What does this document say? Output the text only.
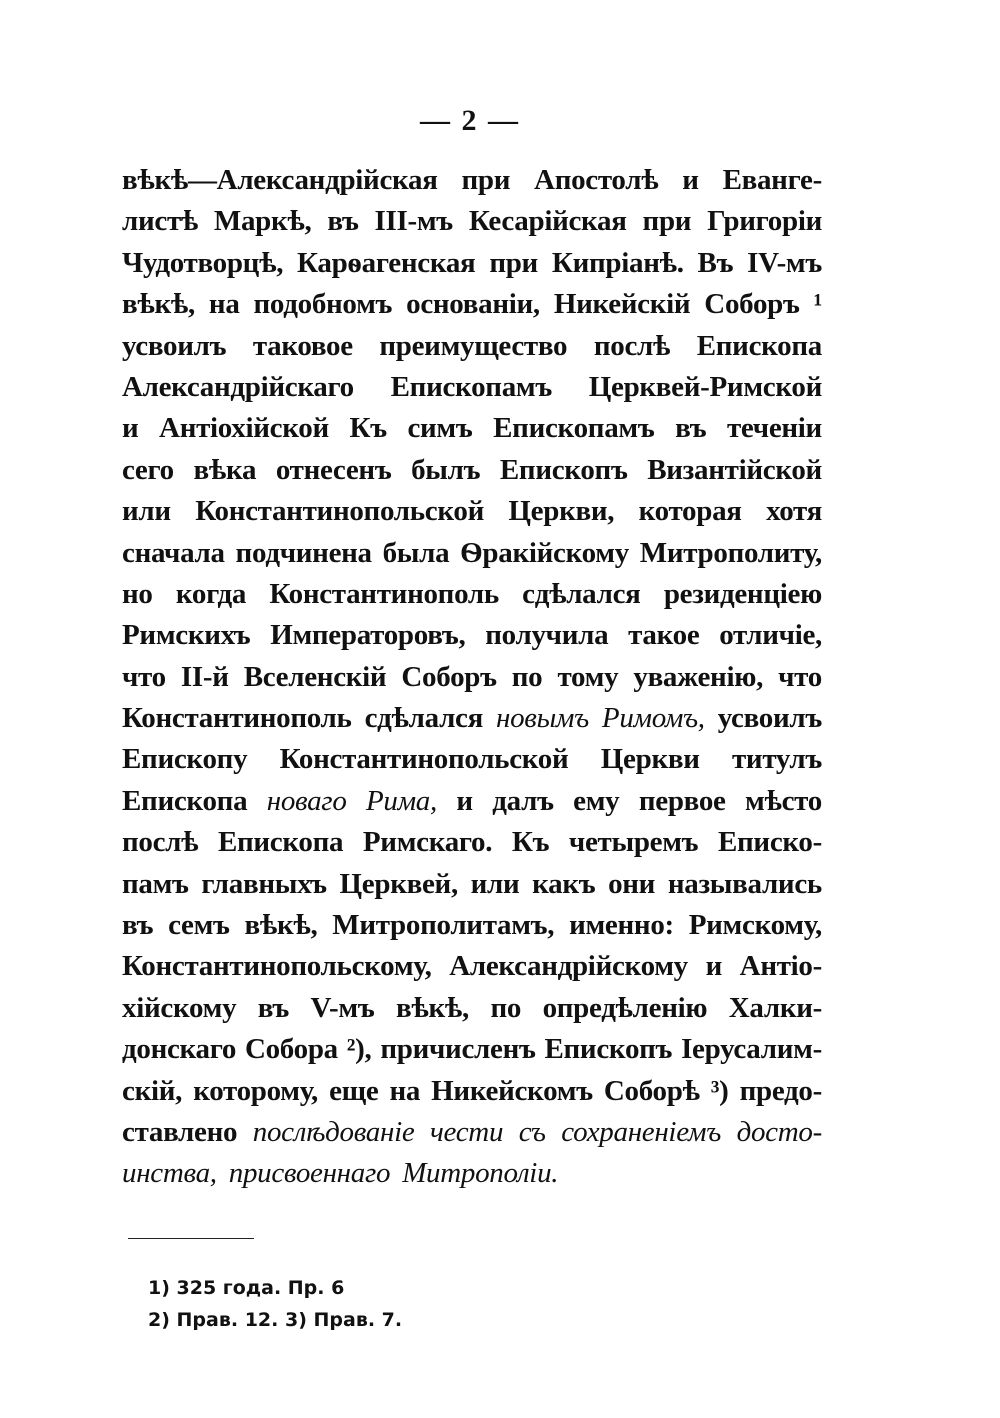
— 2 —
вѣкѣ—Александрійская при Апостолѣ и Еванге-
листѣ Маркѣ, въ III-мъ Кесарійская при Григоріи
Чудотворцѣ, Карѳагенская при Кипріанѣ. Въ IV-мъ
вѣкѣ, на подобномъ основаніи, Никейскій Соборъ ¹
усвоилъ таковое преимущество послѣ Епископа
Александрійскаго Епископамъ Церквей-Римской
и Антіохійской Къ симъ Епископамъ въ теченіи
сего вѣка отнесенъ былъ Епископъ Византійской
или Константинопольской Церкви, которая хотя
сначала подчинена была Ѳракійскому Митрополиту,
но когда Константинополь сдѣлался резиденціею
Римскихъ Императоровъ, получила такое отличіе,
что II-й Вселенскій Соборъ по тому уваженію, что
Константинополь сдѣлался новымъ Римомъ, усвоилъ
Епископу Константинопольской Церкви титулъ
Епископа новаго Рима, и далъ ему первое мѣсто
послѣ Епископа Римскаго. Къ четыремъ Еписко-
памъ главныхъ Церквей, или какъ они назывались
въ семъ вѣкѣ, Митрополитамъ, именно: Римскому,
Константинопольскому, Александрійскому и Антіо-
хійскому въ V-мъ вѣкѣ, по опредѣленію Халки-
донскаго Собора ²), причисленъ Епископъ Іерусалим-
скій, которому, еще на Никейскомъ Соборѣ ³) предо-
ставлено послѣдованіе чести съ сохраненіемъ досто-
инства, присвоеннаго Митрополіи.
1) 325 года. Пр. 6
2) Прав. 12. 3) Прав. 7.
